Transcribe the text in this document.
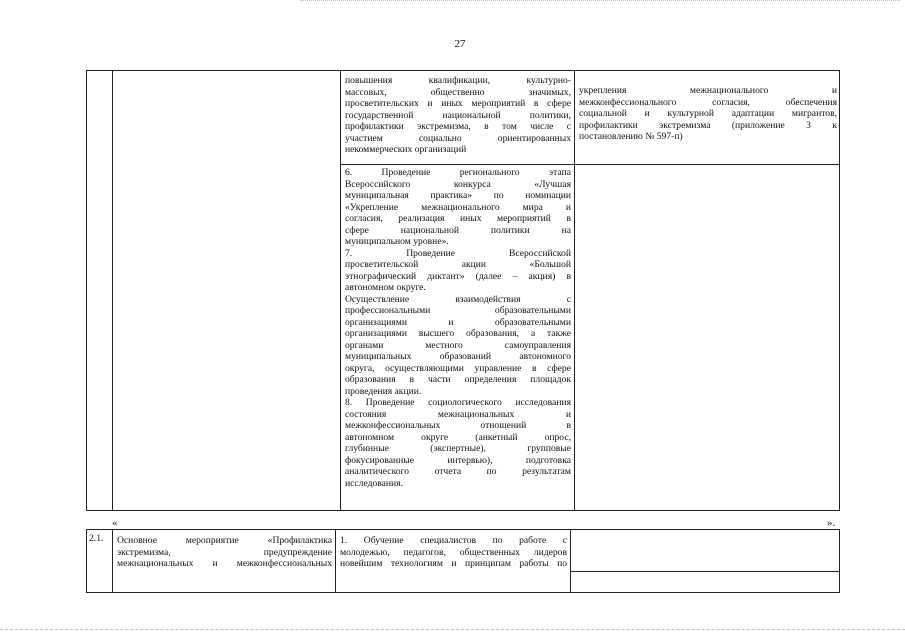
27
повышения квалификации, культурно-
массовых, общественно значимых,
просветительских и иных мероприятий в сфере
государственной национальной политики,
профилактики экстремизма, в том числе с
участием социально ориентированных
некоммерческих организаций
6. Проведение регионального этапа
Всероссийского конкурса «Лучшая
муниципальная практика» по номинации
«Укрепление межнационального мира и
согласия, реализация иных мероприятий в
сфере национальной политики на
муниципальном уровне».
7. Проведение Всероссийской
просветительской акции «Большой
этнографический диктант» (далее – акция) в
автономном округе.
Осуществление взаимодействия с
профессиональными образовательными
организациями и образовательными
организациями высшего образования, а также
органами местного самоуправления
муниципальных образований автономного
округа, осуществляющими управление в сфере
образования в части определения площадок
проведения акции.
8. Проведение социологического исследования
состояния межнациональных и
межконфессиональных отношений в
автономном округе (анкетный опрос,
глубинные (экспертные), групповые
фокусированные интервью), подготовка
аналитического отчета по результатам
исследования.
укрепления межнационального и
межконфессионального согласия, обеспечения
социальной и культурной адаптации мигрантов,
профилактики экстремизма (приложение 3 к
постановлению № 597-п)
«	».
2.1.	Основное мероприятие «Профилактика
экстремизма, предупреждение
межнациональных и межконфессиональных
1. Обучение специалистов по работе с
молодежью, педагогов, общественных лидеров
новейшим технологиям и принципам работы по
